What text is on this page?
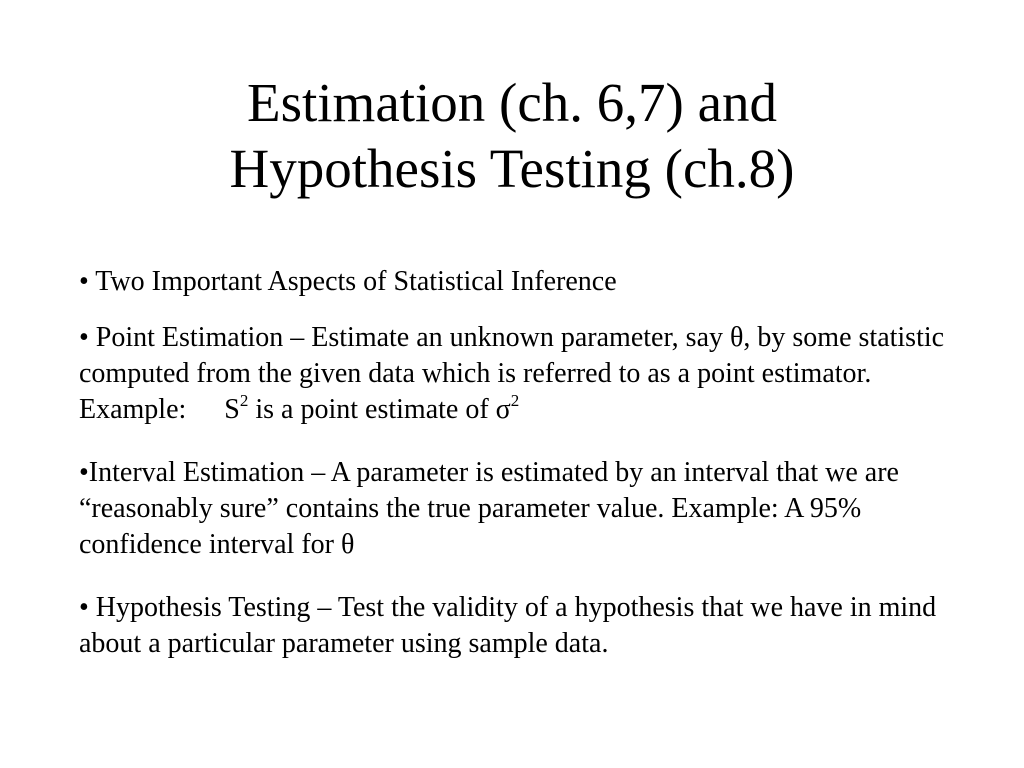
Estimation (ch. 6,7) and
Hypothesis Testing (ch.8)

• Two Important Aspects of Statistical Inference

• Point Estimation – Estimate an unknown parameter, say θ, by some statistic computed from the given data which is referred to as a point estimator. Example: $S^2$ is a point estimate of $\sigma^2$

•Interval Estimation – A parameter is estimated by an interval that we are “reasonably sure” contains the true parameter value. Example: A 95% confidence interval for θ

• Hypothesis Testing – Test the validity of a hypothesis that we have in mind about a particular parameter using sample data.
